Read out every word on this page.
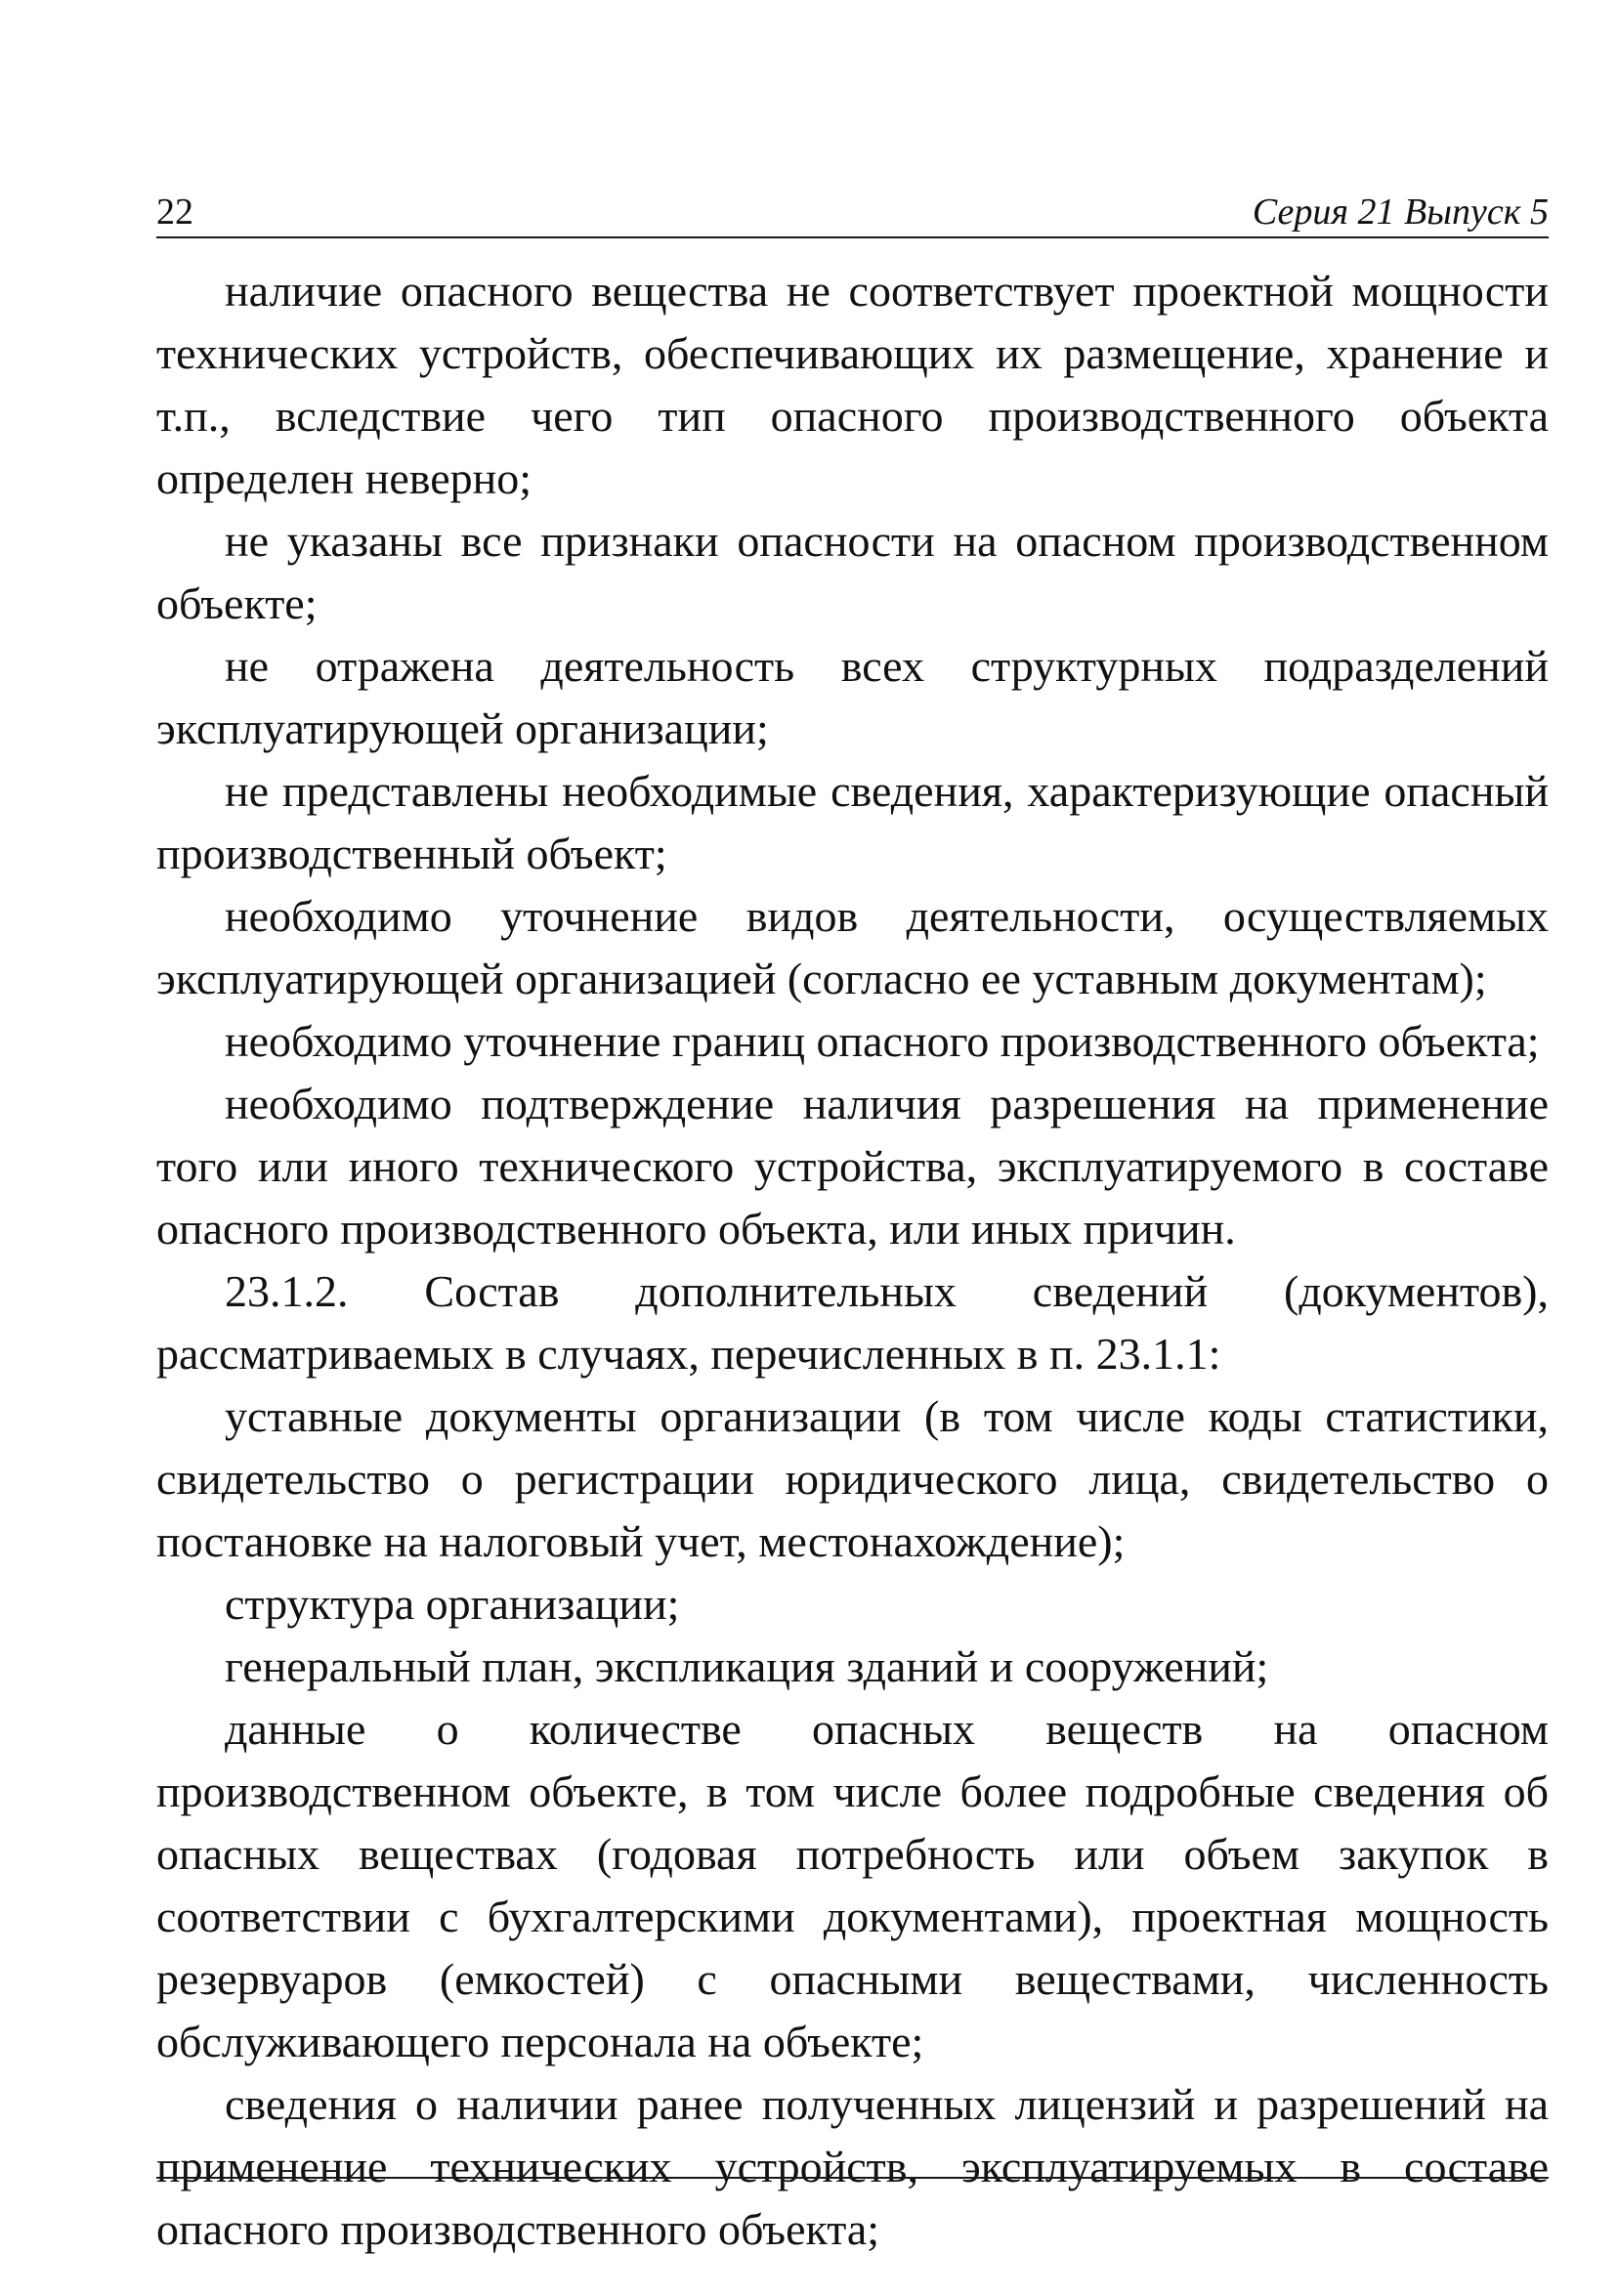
22	Серия 21 Выпуск 5

наличие опасного вещества не соответствует проектной мощности технических устройств, обеспечивающих их размещение, хранение и т.п., вследствие чего тип опасного производственного объекта определен неверно;

не указаны все признаки опасности на опасном производственном объекте;

не отражена деятельность всех структурных подразделений эксплуатирующей организации;

не представлены необходимые сведения, характеризующие опасный производственный объект;

необходимо уточнение видов деятельности, осуществляемых эксплуатирующей организацией (согласно ее уставным документам);

необходимо уточнение границ опасного производственного объекта;

необходимо подтверждение наличия разрешения на применение того или иного технического устройства, эксплуатируемого в составе опасного производственного объекта, или иных причин.

23.1.2. Состав дополнительных сведений (документов), рассматриваемых в случаях, перечисленных в п. 23.1.1:

уставные документы организации (в том числе коды статистики, свидетельство о регистрации юридического лица, свидетельство о постановке на налоговый учет, местонахождение);

структура организации;

генеральный план, экспликация зданий и сооружений;

данные о количестве опасных веществ на опасном производственном объекте, в том числе более подробные сведения об опасных веществах (годовая потребность или объем закупок в соответствии с бухгалтерскими документами), проектная мощность резервуаров (емкостей) с опасными веществами, численность обслуживающего персонала на объекте;

сведения о наличии ранее полученных лицензий и разрешений на применение технических устройств, эксплуатируемых в составе опасного производственного объекта;
